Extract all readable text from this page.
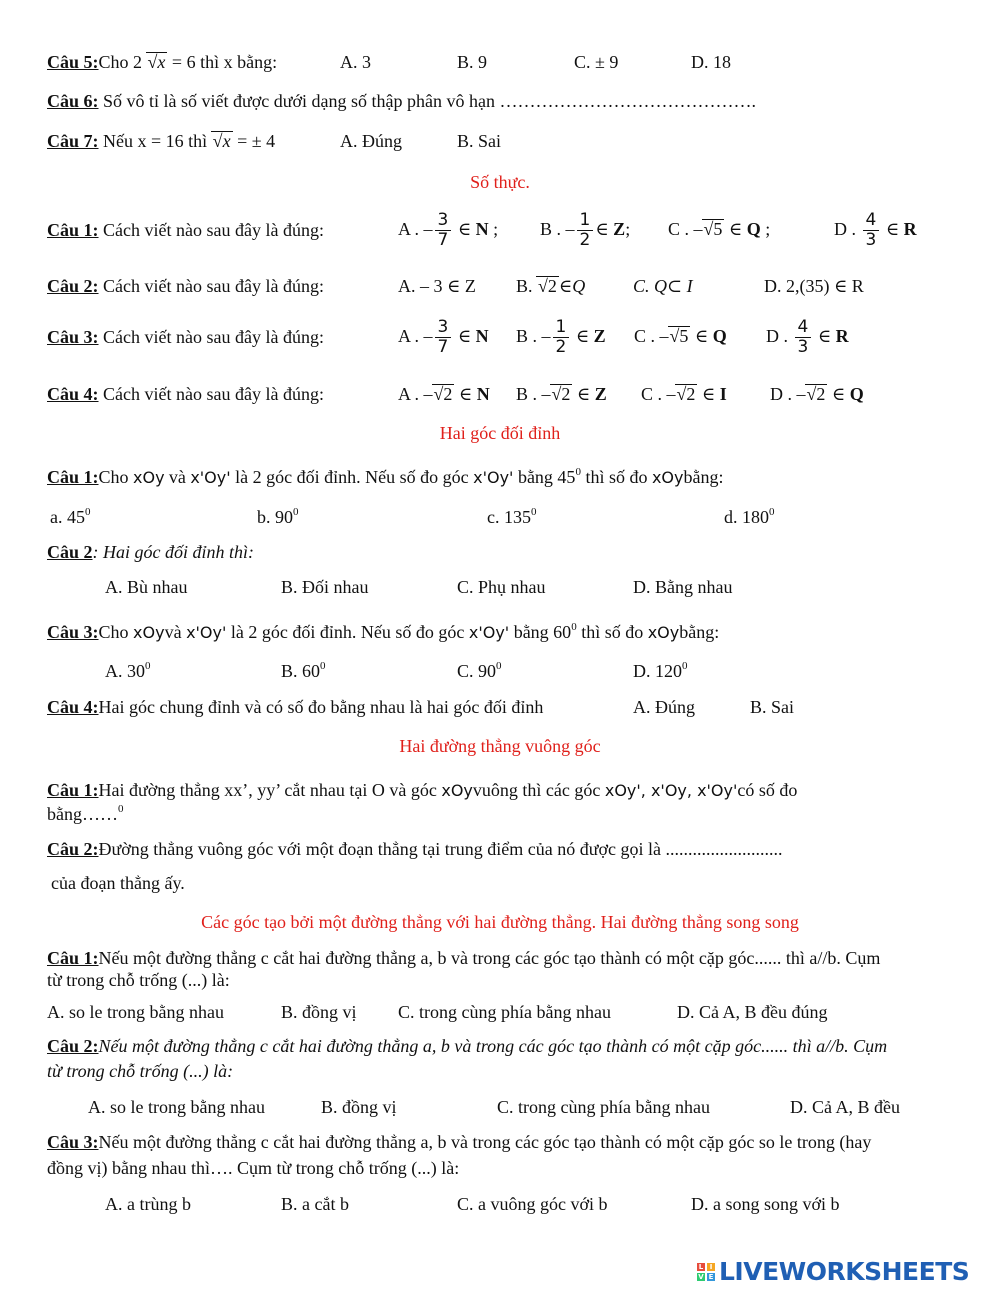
Câu 5:Cho 2 √x = 6 thì x bằng:	A. 3	B. 9	C. ± 9	D. 18
Câu 6: Số vô tỉ là số viết được dưới dạng số thập phân vô hạn …………………………………….
Câu 7: Nếu x = 16 thì √x = ± 4	A. Đúng	B. Sai
Số thực.
Câu 1: Cách viết nào sau đây là đúng:	A . – $\frac{3}{7}$ ∈ N ; B . – $\frac{1}{2}$ ∈ Z; C . –√5 ∈ Q ;	D . $\frac{4}{3}$ ∈ R
Câu 2: Cách viết nào sau đây là đúng:	A. – 3 ∈ Z B. √2 ∈Q	C. Q⊂ I	D. 2,(35) ∈ R
Câu 3: Cách viết nào sau đây là đúng:	A . – $\frac{3}{7}$ ∈ N B . – $\frac{1}{2}$ ∈ Z C . –√5 ∈ Q D . $\frac{4}{3}$ ∈ R
Câu 4: Cách viết nào sau đây là đúng:	A . –√2 ∈ N B . –√2 ∈ Z C . –√2 ∈ I D . –√2 ∈ Q
Hai góc đối đỉnh
Câu 1:Cho xOy và x'Oy' là 2 góc đối đỉnh. Nếu số đo góc x'Oy' bằng $45^0$ thì số đo xOybằng:
a. $45^0$	b. $90^0$	c. $135^0$	d. $180^0$
Câu 2: Hai góc đối đỉnh thì:
A. Bù nhau	B. Đối nhau	C. Phụ nhau	D. Bằng nhau
Câu 3:Cho xOyvà x'Oy' là 2 góc đối đỉnh. Nếu số đo góc x'Oy' bằng $60^0$ thì số đo xOybằng:
A. $30^0$	B. $60^0$	C. $90^0$	D. $120^0$
Câu 4:Hai góc chung đỉnh và có số đo bằng nhau là hai góc đối đỉnh	A. Đúng	B. Sai
Hai đường thẳng vuông góc
Câu 1:Hai đường thẳng xx’, yy’ cắt nhau tại O và góc xOyvuông thì các góc xOy', x'Oy, x'Oy'có số đo
bằng……$^0$
Câu 2:Đường thẳng vuông góc với một đoạn thẳng tại trung điểm của nó được gọi là ..........................
của đoạn thẳng ấy.
Các góc tạo bởi một đường thẳng với hai đường thẳng. Hai đường thẳng song song
Câu 1:Nếu một đường thẳng c cắt hai đường thẳng a, b và trong các góc tạo thành có một cặp góc...... thì a//b. Cụm
từ trong chỗ trống (...) là:
A. so le trong bằng nhau	B. đồng vị C. trong cùng phía bằng nhau	D. Cả A, B đều đúng
Câu 2:Nếu một đường thẳng c cắt hai đường thẳng a, b và trong các góc tạo thành có một cặp góc...... thì a//b. Cụm
từ trong chỗ trống (...) là:
A. so le trong bằng nhau	B. đồng vị	C. trong cùng phía bằng nhau	D. Cả A, B đều
Câu 3:Nếu một đường thẳng c cắt hai đường thẳng a, b và trong các góc tạo thành có một cặp góc so le trong (hay
đồng vị) bằng nhau thì…. Cụm từ trong chỗ trống (...) là:
A. a trùng b	B. a cắt b	C. a vuông góc với b	D. a song song với b
L I
V E LIVEWORKSHEETS
